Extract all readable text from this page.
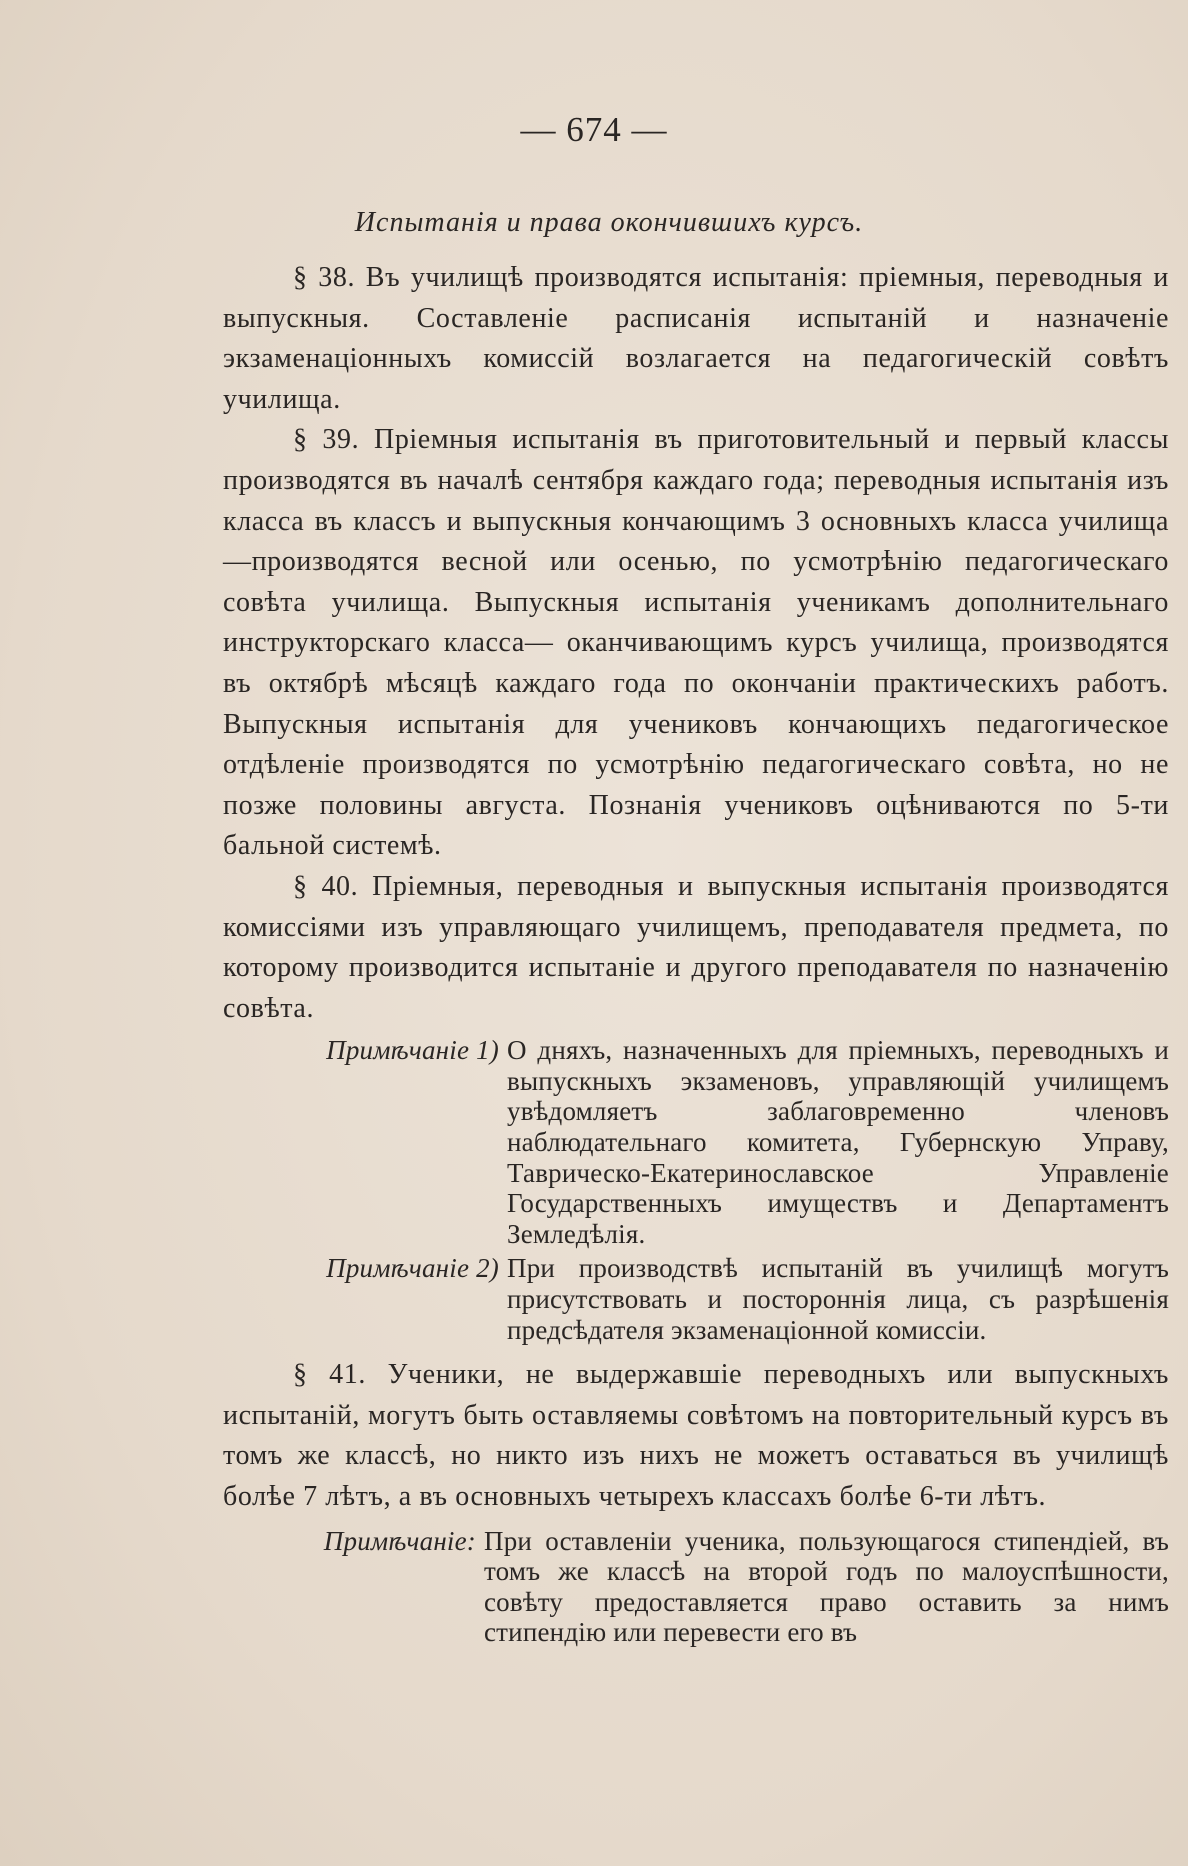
— 674 —
Испытанія и права окончившихъ курсъ.

§ 38. Въ училищѣ производятся испытанія: пріемныя, переводныя и выпускныя. Составленіе расписанія испытаній и назначеніе экзаменаціонныхъ комиссій возлагается на педагогическій совѣтъ училища.

§ 39. Пріемныя испытанія въ приготовительный и первый классы производятся въ началѣ сентября каждаго года; переводныя испытанія изъ класса въ классъ и выпускныя кончающимъ 3 основныхъ класса училища—производятся весной или осенью, по усмотрѣнію педагогическаго совѣта училища. Выпускныя испытанія ученикамъ дополнительнаго инструкторскаго класса— оканчивающимъ курсъ училища, производятся въ октябрѣ мѣсяцѣ каждаго года по окончаніи практическихъ работъ. Выпускныя испытанія для учениковъ кончающихъ педагогическое отдѣленіе производятся по усмотрѣнію педагогическаго совѣта, но не позже половины августа. Познанія учениковъ оцѣниваются по 5-ти бальной системѣ.

§ 40. Пріемныя, переводныя и выпускныя испытанія производятся комиссіями изъ управляющаго училищемъ, преподавателя предмета, по которому производится испытаніе и другого преподавателя по назначенію совѣта.

Примѣчаніе 1) О дняхъ, назначенныхъ для пріемныхъ, переводныхъ и выпускныхъ экзаменовъ, управляющій училищемъ увѣдомляетъ заблаговременно членовъ наблюдательнаго комитета, Губернскую Управу, Таврическо-Екатеринославское Управленіе Государственныхъ имуществъ и Департаментъ Земледѣлія.
Примѣчаніе 2) При производствѣ испытаній въ училищѣ могутъ присутствовать и постороннія лица, съ разрѣшенія предсѣдателя экзаменаціонной комиссіи.

§ 41. Ученики, не выдержавшіе переводныхъ или выпускныхъ испытаній, могутъ быть оставляемы совѣтомъ на повторительный курсъ въ томъ же классѣ, но никто изъ нихъ не можетъ оставаться въ училищѣ болѣе 7 лѣтъ, а въ основныхъ четырехъ классахъ болѣе 6-ти лѣтъ.

Примѣчаніе: При оставленіи ученика, пользующагося стипендіей, въ томъ же классѣ на второй годъ по малоуспѣшности, совѣту предоставляется право оставить за нимъ стипендію или перевести его въ
